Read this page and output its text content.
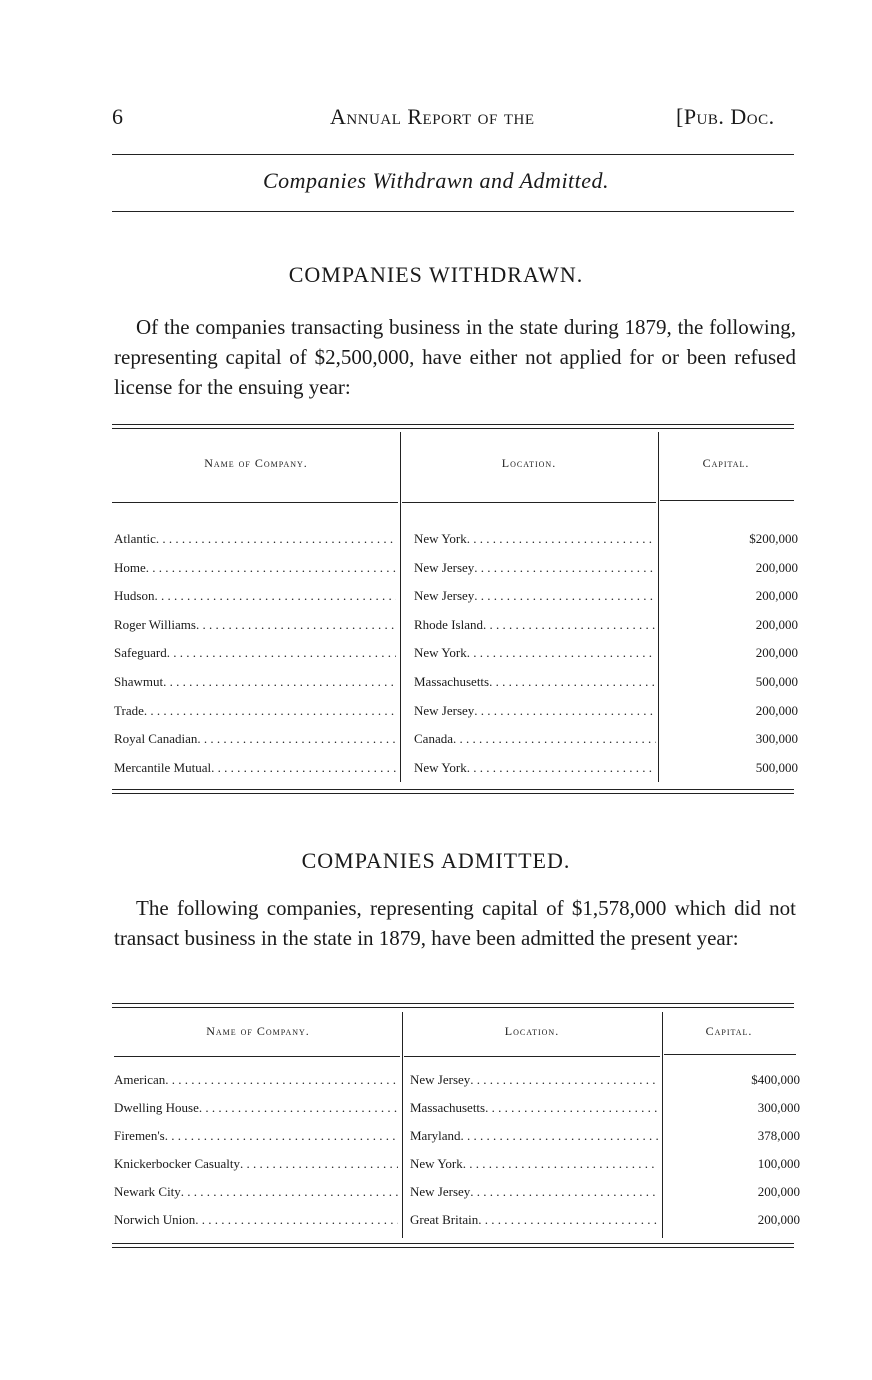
6	Annual Report of the	[Pub. Doc.
Companies Withdrawn and Admitted.
COMPANIES WITHDRAWN.

Of the companies transacting business in the state during 1879, the following, representing capital of $2,500,000, have either not applied for or been refused license for the ensuing year:

Name of Company.	Location.	Capital.
Atlantic . . .	New York . . .	$200,000
Home . . .	New Jersey . . .	200,000
Hudson . . .	New Jersey . . .	200,000
Roger Williams . . .	Rhode Island . . .	200,000
Safeguard . . .	New York . . .	200,000
Shawmut . . .	Massachusetts . . .	500,000
Trade . . .	New Jersey . . .	200,000
Royal Canadian . . .	Canada . . .	300,000
Mercantile Mutual . . .	New York . . .	500,000
COMPANIES ADMITTED.

The following companies, representing capital of $1,578,000 which did not transact business in the state in 1879, have been admitted the present year:

Name of Company.	Location.	Capital.
American . . .	New Jersey . . .	$400,000
Dwelling House . . .	Massachusetts . . .	300,000
Firemen's . . .	Maryland . . .	378,000
Knickerbocker Casualty . . .	New York . . .	100,000
Newark City . . .	New Jersey . . .	200,000
Norwich Union . . .	Great Britain . . .	200,000
